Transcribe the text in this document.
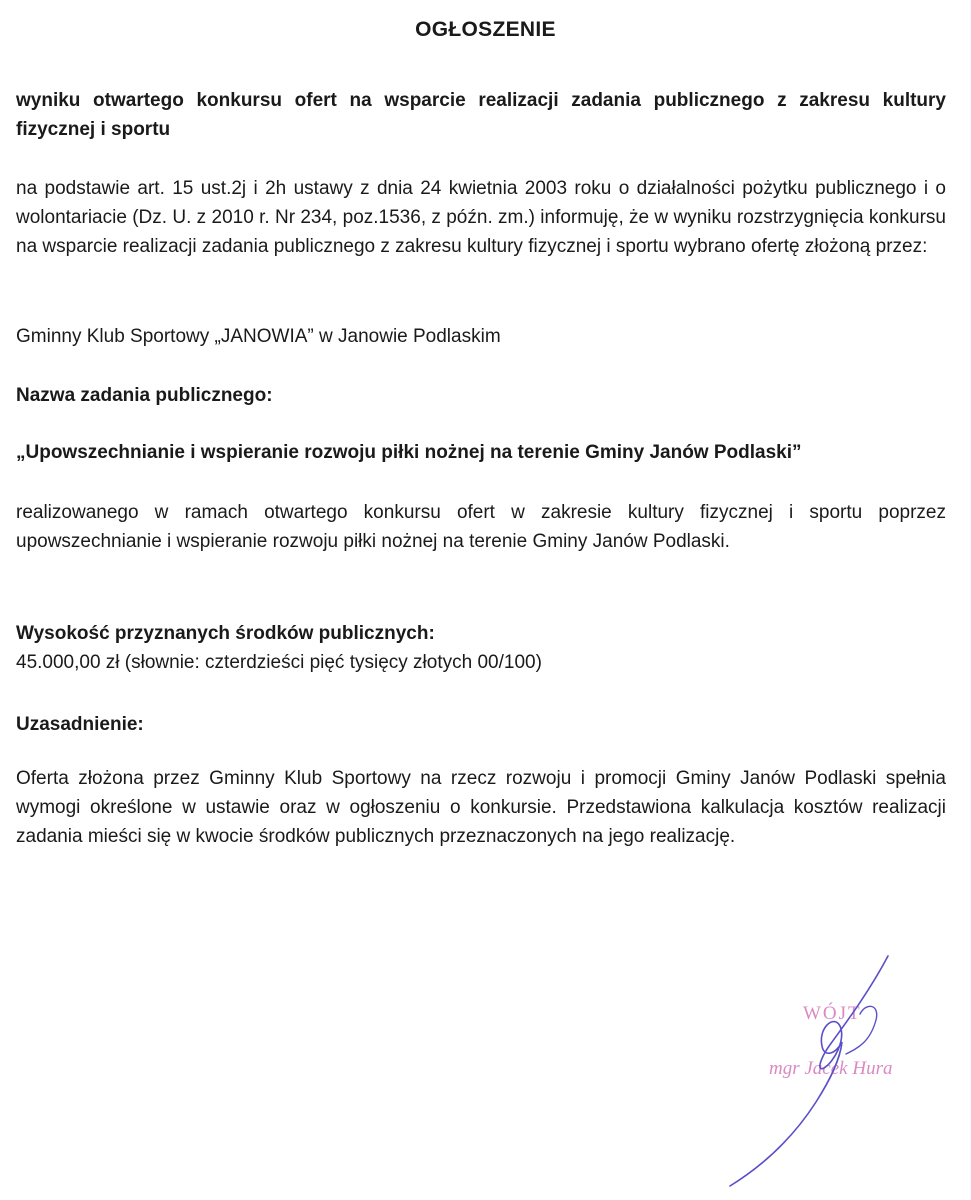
OGŁOSZENIE
wyniku otwartego konkursu ofert na wsparcie realizacji zadania publicznego z zakresu kultury fizycznej i sportu
na podstawie art. 15 ust.2j i 2h ustawy z dnia 24 kwietnia 2003 roku o działalności pożytku publicznego i o wolontariacie (Dz. U. z 2010 r. Nr 234, poz.1536, z późn. zm.) informuję, że w wyniku rozstrzygnięcia konkursu na wsparcie realizacji zadania publicznego z zakresu kultury fizycznej i sportu wybrano ofertę złożoną przez:
Gminny Klub Sportowy „JANOWIA” w Janowie Podlaskim
Nazwa zadania publicznego:
„Upowszechnianie i wspieranie rozwoju piłki nożnej na terenie Gminy Janów Podlaski”
realizowanego w ramach otwartego konkursu ofert w zakresie kultury fizycznej i sportu poprzez upowszechnianie i wspieranie rozwoju piłki nożnej na terenie Gminy Janów Podlaski.
Wysokość przyznanych środków publicznych:
45.000,00 zł (słownie: czterdzieści pięć tysięcy złotych 00/100)
Uzasadnienie:
Oferta złożona przez Gminny Klub Sportowy na rzecz rozwoju i promocji Gminy Janów Podlaski spełnia wymogi określone w ustawie oraz w ogłoszeniu o konkursie. Przedstawiona kalkulacja kosztów realizacji zadania mieści się w kwocie środków publicznych przeznaczonych na jego realizację.
WÓJT
mgr Jacek Hura
